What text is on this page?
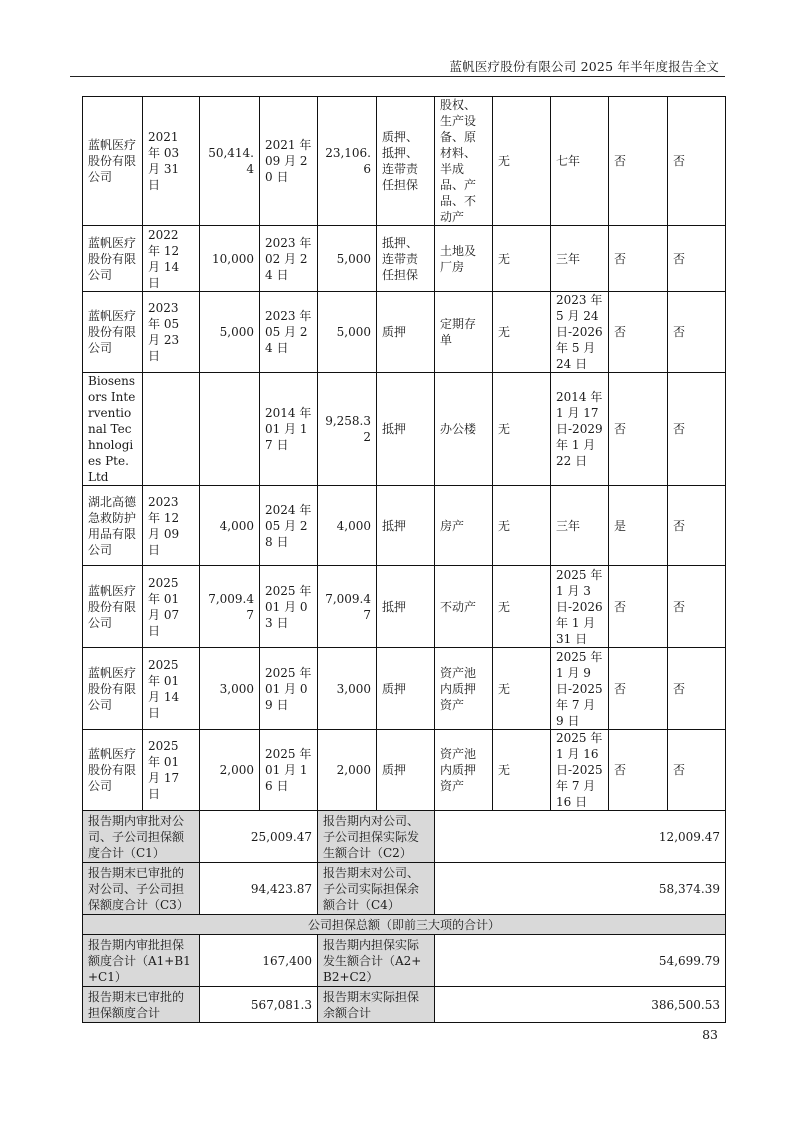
蓝帆医疗股份有限公司 2025 年半年度报告全文
蓝帆医疗股份有限公司	2021 年 03 月 31 日	50,414.4	2021 年 09 月 20 日	23,106.6	质押、抵押、连带责任担保	股权、生产设备、原材料、半成品、产品、不动产	无	七年	否	否
蓝帆医疗股份有限公司	2022 年 12 月 14 日	10,000	2023 年 02 月 24 日	5,000	抵押、连带责任担保	土地及厂房	无	三年	否	否
蓝帆医疗股份有限公司	2023 年 05 月 23 日	5,000	2023 年 05 月 24 日	5,000	质押	定期存单	无	2023 年 5 月 24 日-2026 年 5 月 24 日	否	否
Biosensors Interventional Technologies Pte. Ltd			2014 年 01 月 17 日	9,258.32	抵押	办公楼	无	2014 年 1 月 17 日-2029 年 1 月 22 日	否	否
湖北高德急救防护用品有限公司	2023 年 12 月 09 日	4,000	2024 年 05 月 28 日	4,000	抵押	房产	无	三年	是	否
蓝帆医疗股份有限公司	2025 年 01 月 07 日	7,009.47	2025 年 01 月 03 日	7,009.47	抵押	不动产	无	2025 年 1 月 3 日-2026 年 1 月 31 日	否	否
蓝帆医疗股份有限公司	2025 年 01 月 14 日	3,000	2025 年 01 月 09 日	3,000	质押	资产池内质押资产	无	2025 年 1 月 9 日-2025 年 7 月 9 日	否	否
蓝帆医疗股份有限公司	2025 年 01 月 17 日	2,000	2025 年 01 月 16 日	2,000	质押	资产池内质押资产	无	2025 年 1 月 16 日-2025 年 7 月 16 日	否	否
报告期内审批对公司、子公司担保额度合计（C1）		25,009.47		报告期内对公司、子公司担保实际发生额合计（C2）		12,009.47				
报告期末已审批的对公司、子公司担保额度合计（C3）		94,423.87		报告期末对公司、子公司实际担保余额合计（C4）		58,374.39				
公司担保总额（即前三大项的合计）										
报告期内审批担保额度合计（A1+B1+C1）		167,400		报告期内担保实际发生额合计（A2+B2+C2）		54,699.79				
报告期末已审批的担保额度合计		567,081.3		报告期末实际担保余额合计		386,500.53				
83
